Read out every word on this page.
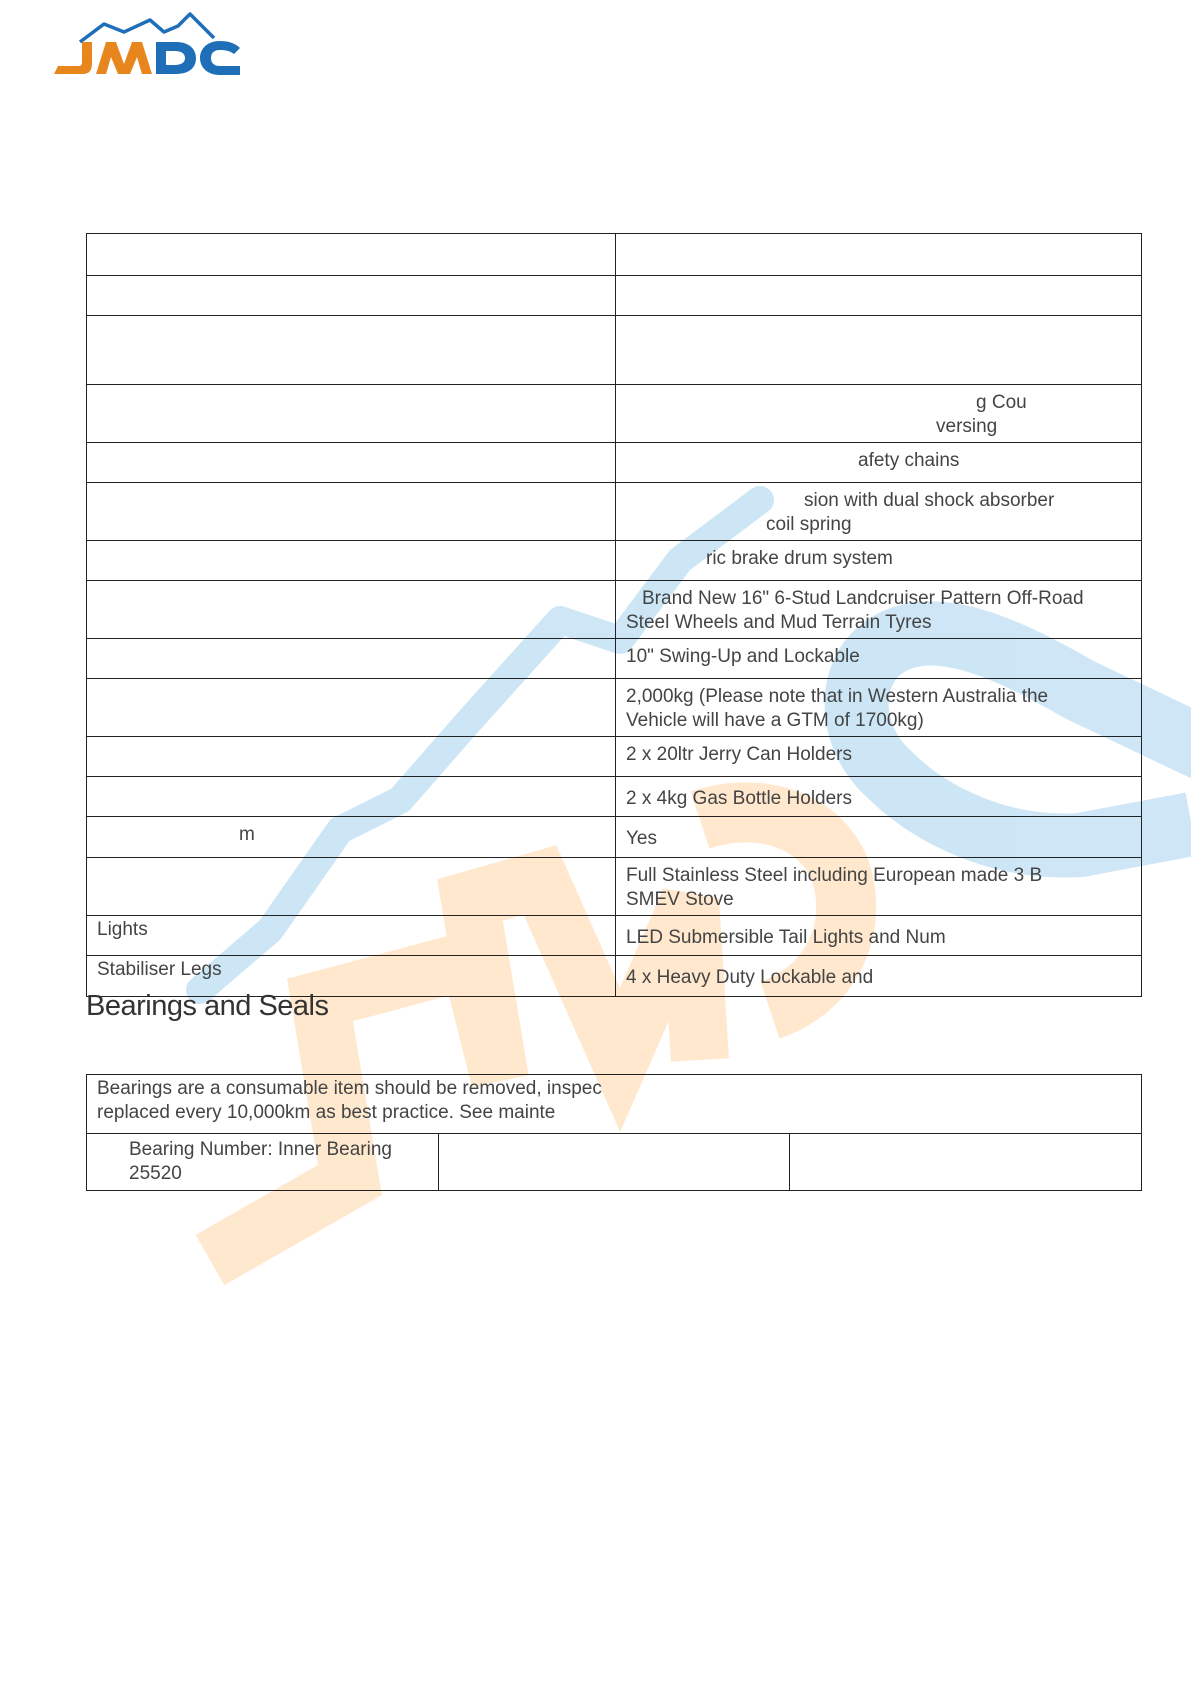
	g Cou
versing

	afety chains

	sion with dual shock absorber
coil spring

	ric brake drum system

	Brand New 16" 6-Stud Landcruiser Pattern Off-Road
Steel Wheels and Mud Terrain Tyres

	10" Swing-Up and Lockable

	2,000kg (Please note that in Western Australia the
Vehicle will have a GTM of 1700kg)

	2 x 20ltr Jerry Can Holders
	2 x 4kg Gas Bottle Holders
m	Yes

	Full Stainless Steel including European made 3 B
SMEV Stove

Lights	LED Submersible Tail Lights and Num
Stabiliser Legs	4 x Heavy Duty Lockable and
Bearings and Seals
Bearings are a consumable item should be removed, inspec
replaced every 10,000km as best practice. See mainte

Bearing Number: Inner Bearing 25520		
